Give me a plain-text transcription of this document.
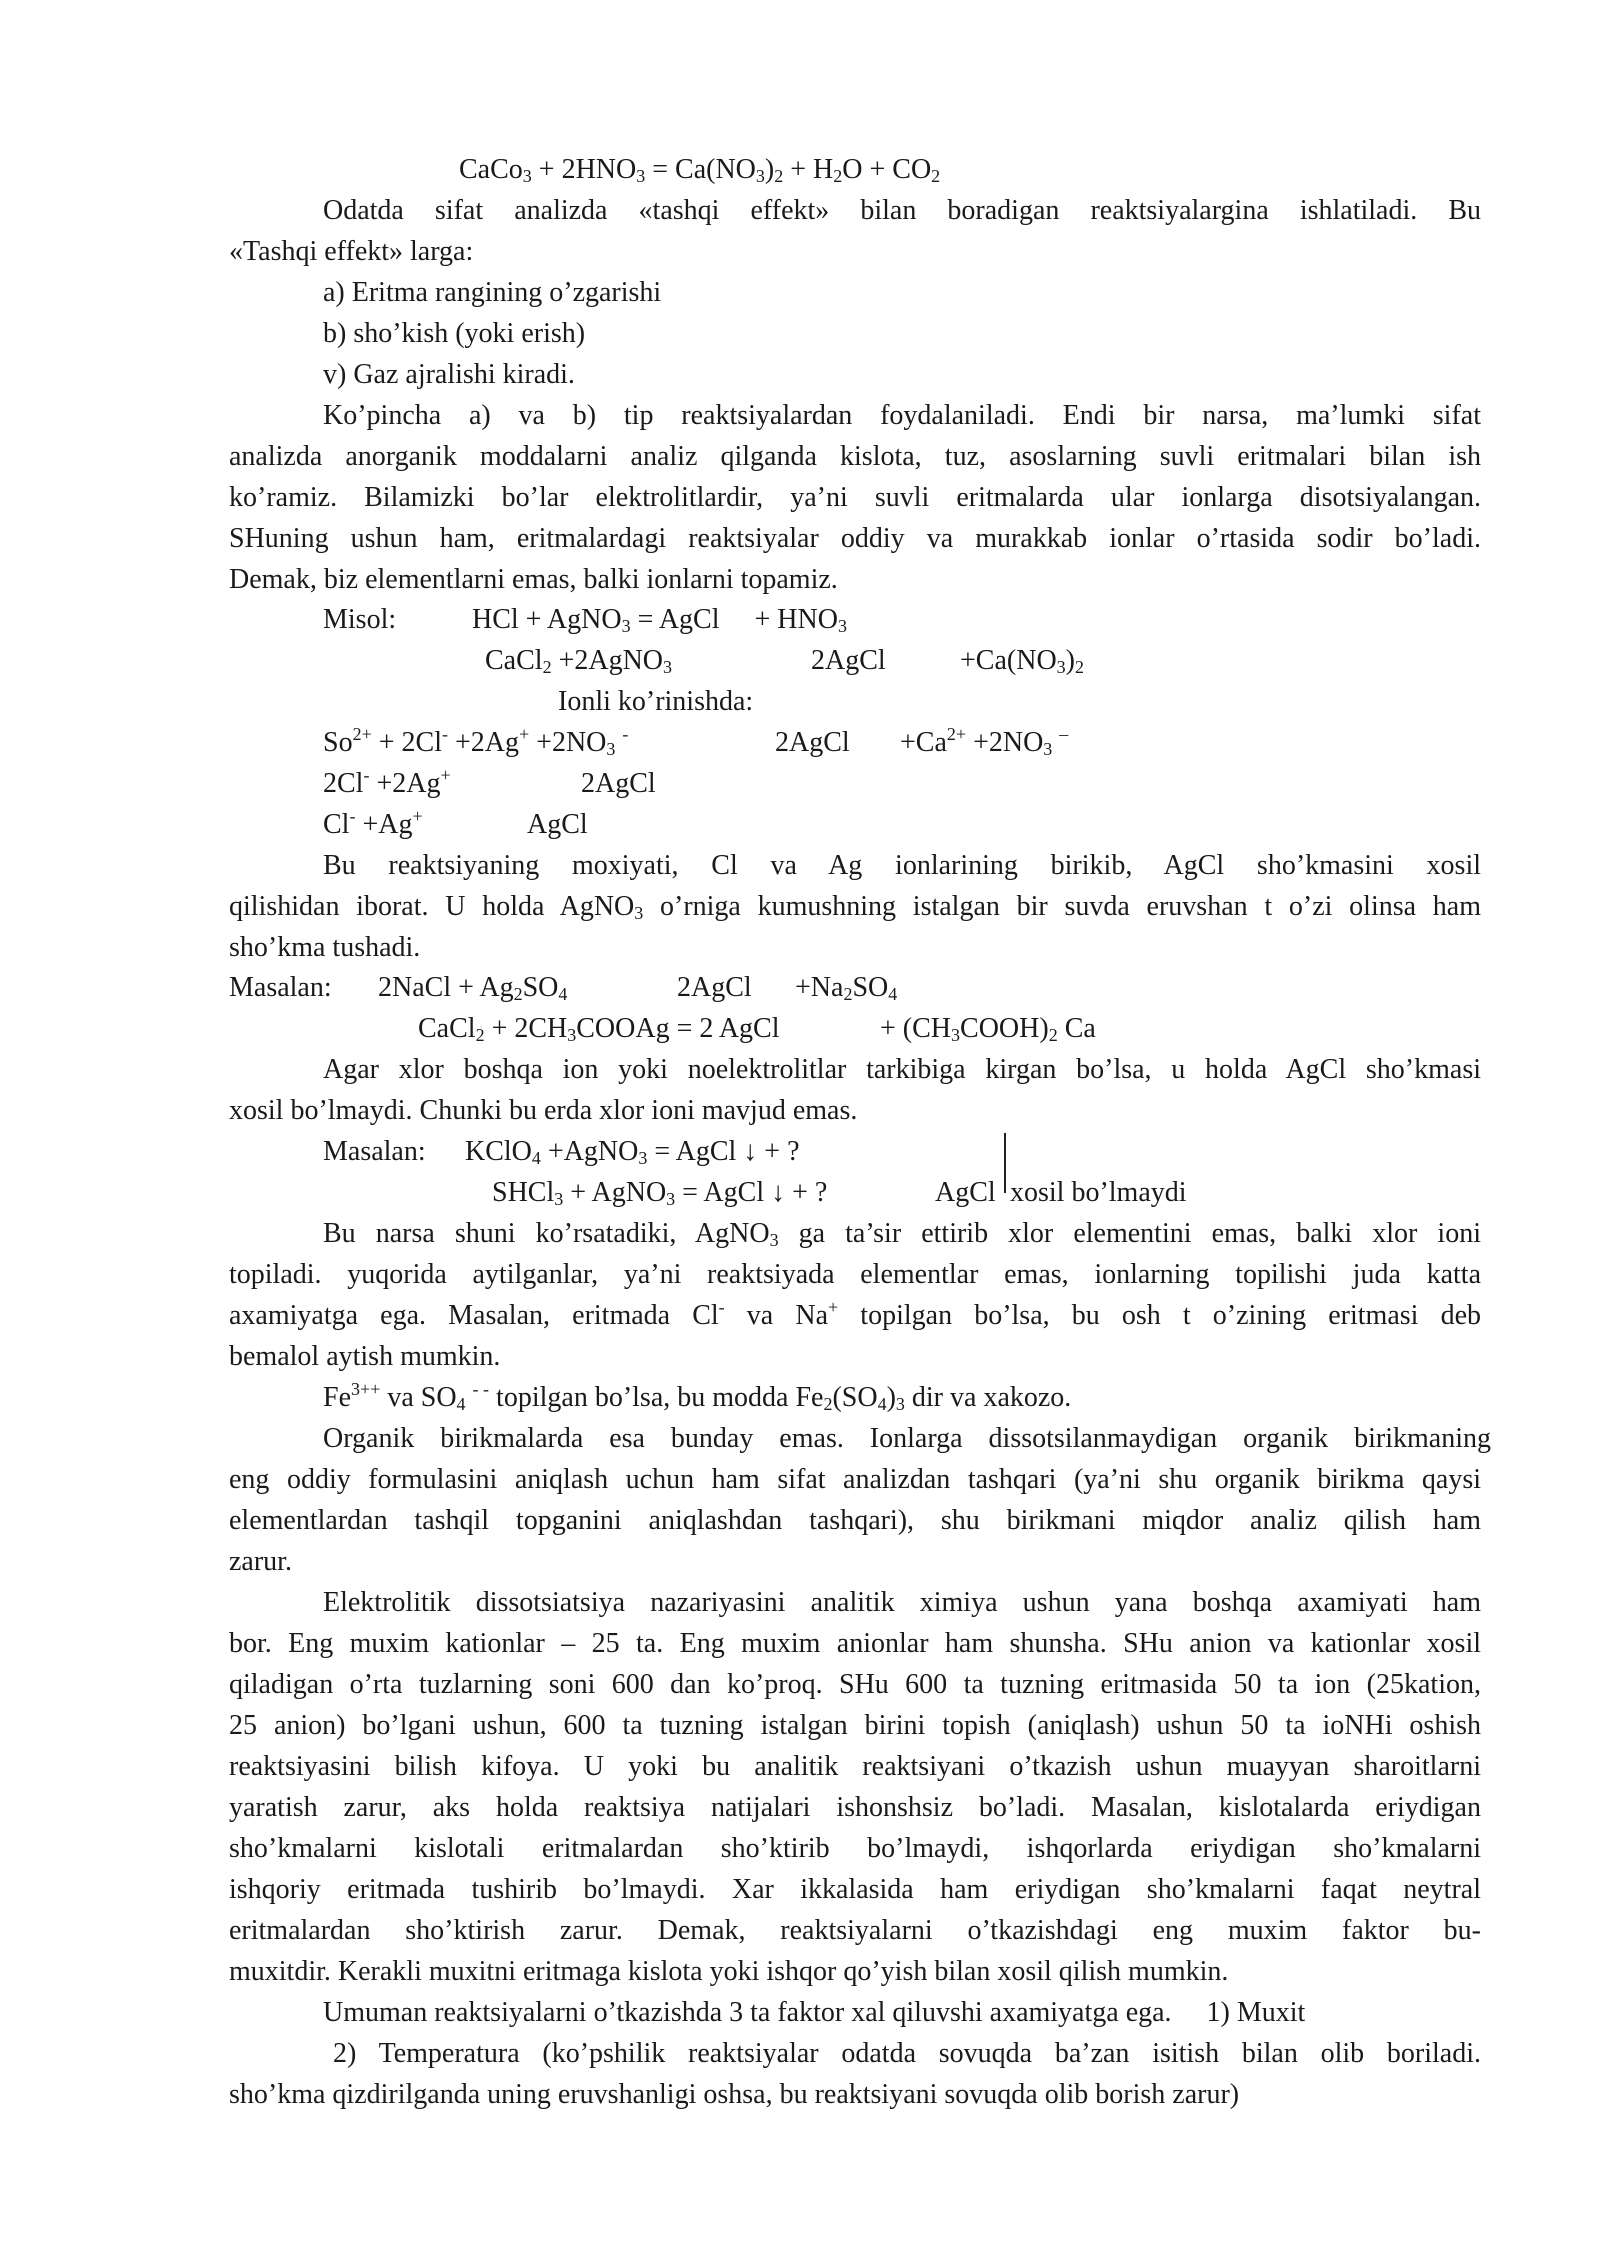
CaCo$_3$ + $2HNO_3 = Ca(NO_3)_2 + H_2O + CO_2$
Odatda sifat analizda «tashqi effekt» bilan boradigan reaktsiyalargina ishlatiladi. Bu
«Tashqi effekt» larga:
a) Eritma rangining o’zgarishi
b) sho’kish (yoki erish)
v) Gaz ajralishi kiradi.
Ko’pincha a) va b) tip reaktsiyalardan foydalaniladi. Endi bir narsa, ma’lumki sifat
analizda anorganik moddalarni analiz qilganda kislota, tuz, asoslarning suvli eritmalari bilan ish
ko’ramiz. Bilamizki bo’lar elektrolitlardir, ya’ni suvli eritmalarda ular ionlarga disotsiyalangan.
SHuning ushun ham, eritmalardagi reaktsiyalar oddiy va murakkab ionlar o’rtasida sodir bo’ladi.
Demak, biz elementlarni emas, balki ionlarni topamiz.
Misol:	HCl + AgNO$_3$ = AgCl     + $HNO_3$
CaCl$_2$ +2AgNO$_3$	2AgCl	$+Ca(NO_3)_2$
Ionli ko’rinishda:
$So^{2+} + 2Cl^- +2Ag^+ +2NO_3$ -	2AgCl $+Ca^{2+} +2NO_3$ –
2Cl- +2Ag+	2AgCl
Cl- +Ag+	AgCl
Bu reaktsiyaning moxiyati, Cl va Ag ionlarining birikib, AgCl sho’kmasini xosil
qilishidan iborat. U holda AgNO$_3$ o’rniga kumushning istalgan bir suvda eruvshan t o’zi olinsa ham
sho’kma tushadi.
Masalan: 2NaCl + $Ag_2SO_4$	2AgCl $+Na_2SO_4$
CaCl$_2$ + $2CH_3COOAg = 2$ AgCl	+ $(CH_3COOH)_2$ Ca
Agar xlor boshqa ion yoki noelektrolitlar tarkibiga kirgan bo’lsa, u holda AgCl sho’kmasi
xosil bo’lmaydi. Chunki bu erda xlor ioni mavjud emas.
Masalan: KClO$_4$ +AgNO$_3$ = AgCl ↓ + ?
SHCl$_3$ + AgNO$_3$ = AgCl ↓ + ?	AgCl xosil bo’lmaydi
Bu narsa shuni ko’rsatadiki, AgNO$_3$ ga ta’sir ettirib xlor elementini emas, balki xlor ioni
topiladi. yuqorida aytilganlar, ya’ni reaktsiyada elementlar emas, ionlarning topilishi juda katta
axamiyatga ega. Masalan, eritmada Cl- va Na+ topilgan bo’lsa, bu osh t o’zining eritmasi deb
bemalol aytish mumkin.
$Fe^{3++}$ va $SO_4$ - - topilgan bo’lsa, bu modda $Fe_2(SO_4)_3$ dir va xakozo.
Organik birikmalarda esa bunday emas. Ionlarga dissotsilanmaydigan organik birikmaning
eng oddiy formulasini aniqlash uchun ham sifat analizdan tashqari (ya’ni shu organik birikma qaysi
elementlardan tashqil topganini aniqlashdan tashqari), shu birikmani miqdor analiz qilish ham
zarur.
Elektrolitik dissotsiatsiya nazariyasini analitik ximiya ushun yana boshqa axamiyati ham
bor. Eng muxim kationlar – 25 ta. Eng muxim anionlar ham shunsha. SHu anion va kationlar xosil
qiladigan o’rta tuzlarning soni 600 dan ko’proq. SHu 600 ta tuzning eritmasida 50 ta ion (25kation,
25 anion) bo’lgani ushun, 600 ta tuzning istalgan birini topish (aniqlash) ushun 50 ta ioNHi oshish
reaktsiyasini bilish kifoya. U yoki bu analitik reaktsiyani o’tkazish ushun muayyan sharoitlarni
yaratish zarur, aks holda reaktsiya natijalari ishonshsiz bo’ladi. Masalan, kislotalarda eriydigan
sho’kmalarni kislotali eritmalardan sho’ktirib bo’lmaydi, ishqorlarda eriydigan sho’kmalarni
ishqoriy eritmada tushirib bo’lmaydi. Xar ikkalasida ham eriydigan sho’kmalarni faqat neytral
eritmalardan sho’ktirish zarur. Demak, reaktsiyalarni o’tkazishdagi eng muxim faktor bu-
muxitdir. Kerakli muxitni eritmaga kislota yoki ishqor qo’yish bilan xosil qilish mumkin.
Umuman reaktsiyalarni o’tkazishda 3 ta faktor xal qiluvshi axamiyatga ega.     1) Muxit
2) Temperatura (ko’pshilik reaktsiyalar odatda sovuqda ba’zan isitish bilan olib boriladi.
sho’kma qizdirilganda uning eruvshanligi oshsa, bu reaktsiyani sovuqda olib borish zarur)
